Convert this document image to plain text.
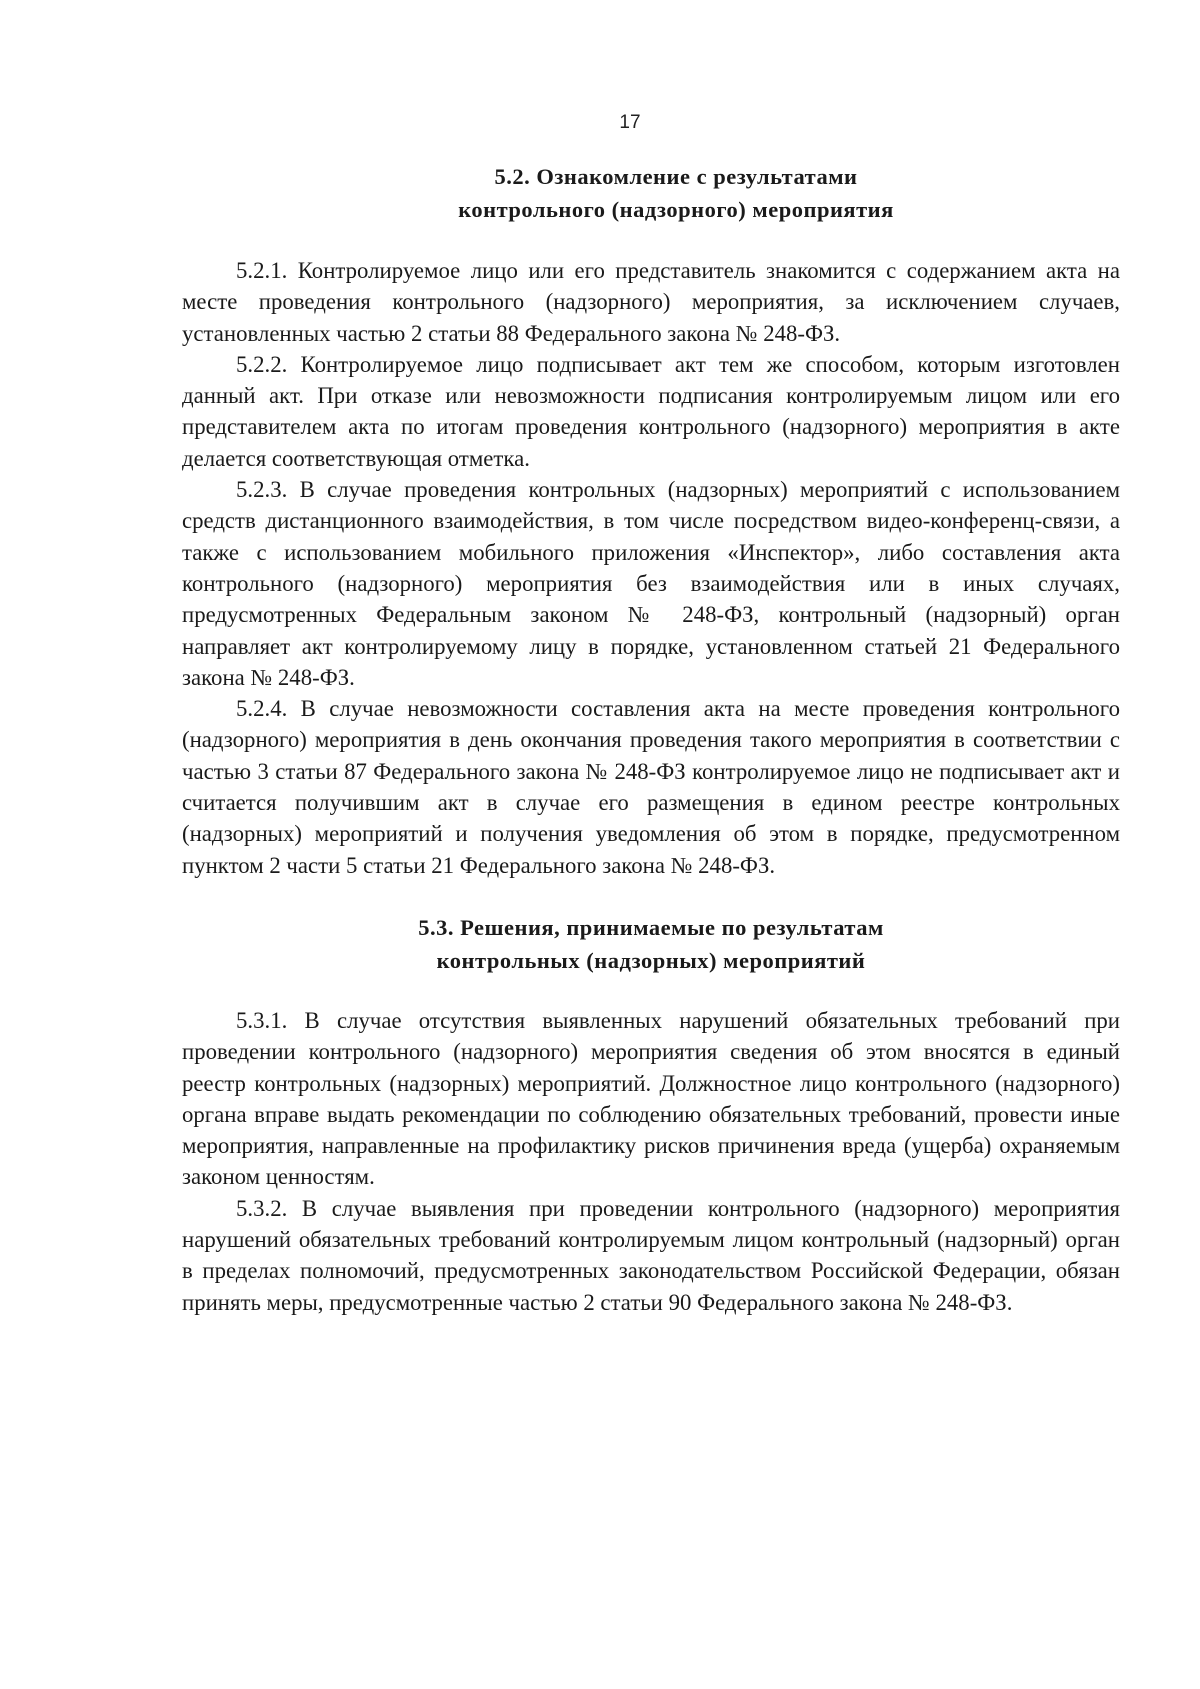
17
5.2. Ознакомление с результатами
контрольного (надзорного) мероприятия

5.2.1. Контролируемое лицо или его представитель знакомится с содержанием акта на месте проведения контрольного (надзорного) мероприятия, за исключением случаев, установленных частью 2 статьи 88 Федерального закона № 248-ФЗ.

5.2.2. Контролируемое лицо подписывает акт тем же способом, которым изготовлен данный акт. При отказе или невозможности подписания контролируемым лицом или его представителем акта по итогам проведения контрольного (надзорного) мероприятия в акте делается соответствующая отметка.

5.2.3. В случае проведения контрольных (надзорных) мероприятий с использованием средств дистанционного взаимодействия, в том числе посредством видео-конференц-связи, а также с использованием мобильного приложения «Инспектор», либо составления акта контрольного (надзорного) мероприятия без взаимодействия или в иных случаях, предусмотренных Федеральным законом № 248-ФЗ, контрольный (надзорный) орган направляет акт контролируемому лицу в порядке, установленном статьей 21 Федерального закона № 248-ФЗ.

5.2.4. В случае невозможности составления акта на месте проведения контрольного (надзорного) мероприятия в день окончания проведения такого мероприятия в соответствии с частью 3 статьи 87 Федерального закона № 248-ФЗ контролируемое лицо не подписывает акт и считается получившим акт в случае его размещения в едином реестре контрольных (надзорных) мероприятий и получения уведомления об этом в порядке, предусмотренном пунктом 2 части 5 статьи 21 Федерального закона № 248-ФЗ.

5.3. Решения, принимаемые по результатам
контрольных (надзорных) мероприятий

5.3.1. В случае отсутствия выявленных нарушений обязательных требований при проведении контрольного (надзорного) мероприятия сведения об этом вносятся в единый реестр контрольных (надзорных) мероприятий. Должностное лицо контрольного (надзорного) органа вправе выдать рекомендации по соблюдению обязательных требований, провести иные мероприятия, направленные на профилактику рисков причинения вреда (ущерба) охраняемым законом ценностям.

5.3.2. В случае выявления при проведении контрольного (надзорного) мероприятия нарушений обязательных требований контролируемым лицом контрольный (надзорный) орган в пределах полномочий, предусмотренных законодательством Российской Федерации, обязан принять меры, предусмотренные частью 2 статьи 90 Федерального закона № 248-ФЗ.
